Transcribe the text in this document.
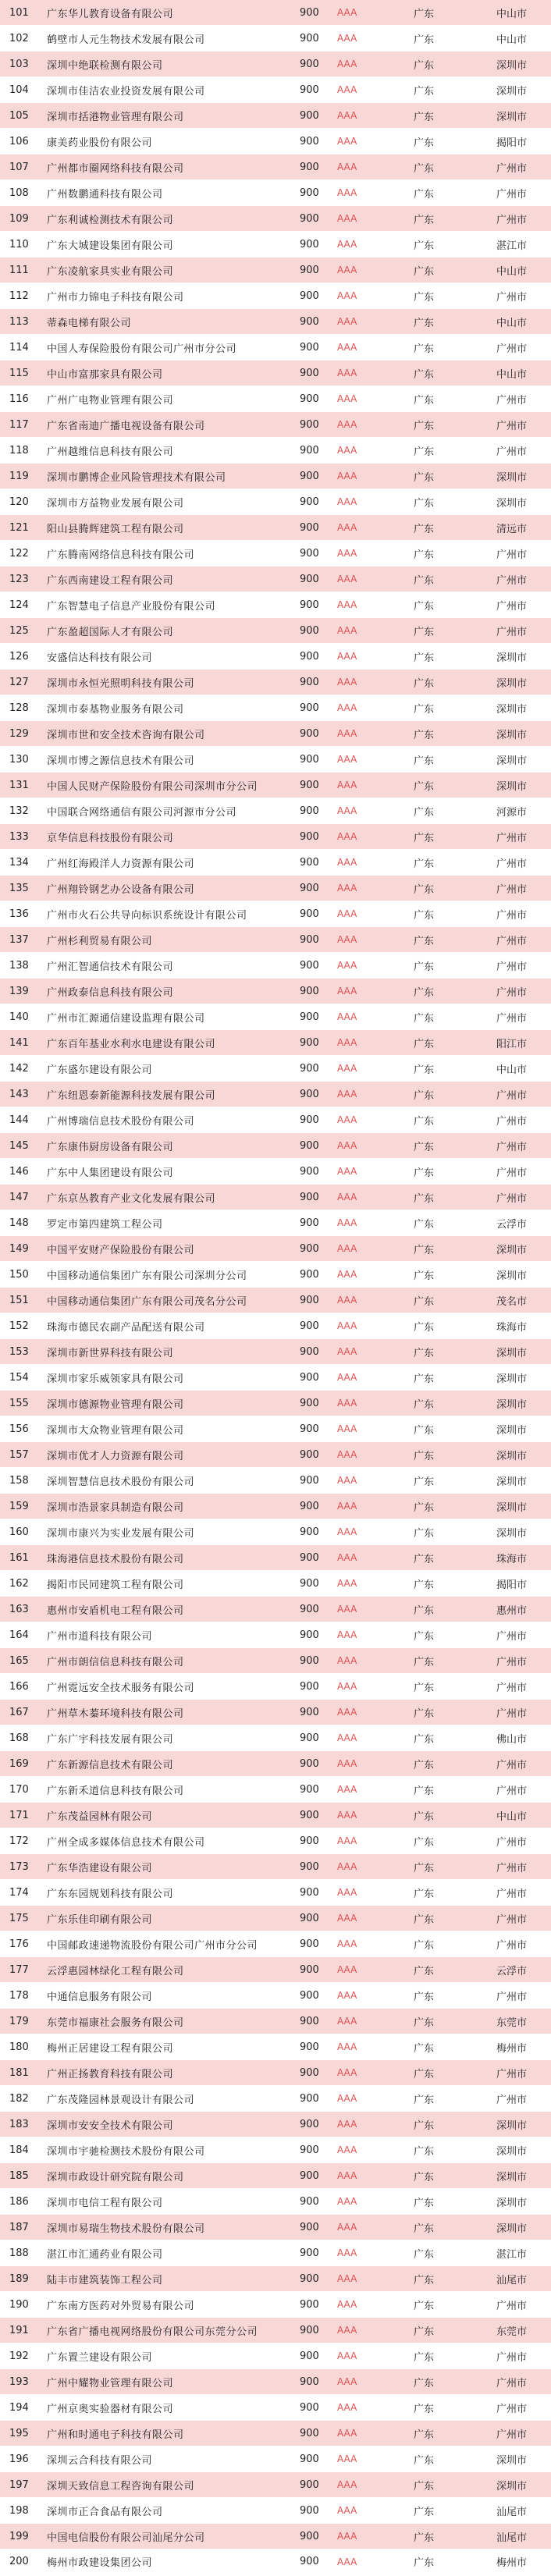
101	广东华儿教育设备有限公司	900	AAA	广东	中山市
102	鹤壁市人元生物技术发展有限公司	900	AAA	广东	中山市
103	深圳中绝联检测有限公司	900	AAA	广东	深圳市
104	深圳市佳洁农业投资发展有限公司	900	AAA	广东	深圳市
105	深圳市括港物业管理有限公司	900	AAA	广东	深圳市
106	康美药业股份有限公司	900	AAA	广东	揭阳市
107	广州都市圈网络科技有限公司	900	AAA	广东	广州市
108	广州数鹏通科技有限公司	900	AAA	广东	广州市
109	广东利诚检测技术有限公司	900	AAA	广东	广州市
110	广东大城建设集团有限公司	900	AAA	广东	湛江市
111	广东凌航家具实业有限公司	900	AAA	广东	中山市
112	广州市力锦电子科技有限公司	900	AAA	广东	广州市
113	蒂森电梯有限公司	900	AAA	广东	中山市
114	中国人寿保险股份有限公司广州市分公司	900	AAA	广东	广州市
115	中山市富那家具有限公司	900	AAA	广东	中山市
116	广州广电物业管理有限公司	900	AAA	广东	广州市
117	广东省南迪广播电视设备有限公司	900	AAA	广东	广州市
118	广州越维信息科技有限公司	900	AAA	广东	广州市
119	深圳市鹏博企业风险管理技术有限公司	900	AAA	广东	深圳市
120	深圳市方益物业发展有限公司	900	AAA	广东	深圳市
121	阳山县腾辉建筑工程有限公司	900	AAA	广东	清远市
122	广东腾南网络信息科技有限公司	900	AAA	广东	广州市
123	广东西南建设工程有限公司	900	AAA	广东	广州市
124	广东智慧电子信息产业股份有限公司	900	AAA	广东	广州市
125	广东盈超国际人才有限公司	900	AAA	广东	广州市
126	安盛信达科技有限公司	900	AAA	广东	深圳市
127	深圳市永恒光照明科技有限公司	900	AAA	广东	深圳市
128	深圳市泰基物业服务有限公司	900	AAA	广东	深圳市
129	深圳市世和安全技术咨询有限公司	900	AAA	广东	深圳市
130	深圳市博之源信息技术有限公司	900	AAA	广东	深圳市
131	中国人民财产保险股份有限公司深圳市分公司	900	AAA	广东	深圳市
132	中国联合网络通信有限公司河源市分公司	900	AAA	广东	河源市
133	京华信息科技股份有限公司	900	AAA	广东	广州市
134	广州红海殿洋人力资源有限公司	900	AAA	广东	广州市
135	广州翔铃钢艺办公设备有限公司	900	AAA	广东	广州市
136	广州市火石公共导向标识系统设计有限公司	900	AAA	广东	广州市
137	广州杉利贸易有限公司	900	AAA	广东	广州市
138	广州汇智通信技术有限公司	900	AAA	广东	广州市
139	广州政泰信息科技有限公司	900	AAA	广东	广州市
140	广州市汇源通信建设监理有限公司	900	AAA	广东	广州市
141	广东百年基业水利水电建设有限公司	900	AAA	广东	阳江市
142	广东盛尔建设有限公司	900	AAA	广东	中山市
143	广东纽恩泰新能源科技发展有限公司	900	AAA	广东	广州市
144	广州博瑞信息技术股份有限公司	900	AAA	广东	广州市
145	广东康伟厨房设备有限公司	900	AAA	广东	广州市
146	广东中人集团建设有限公司	900	AAA	广东	广州市
147	广东京丛教育产业文化发展有限公司	900	AAA	广东	广州市
148	罗定市第四建筑工程公司	900	AAA	广东	云浮市
149	中国平安财产保险股份有限公司	900	AAA	广东	深圳市
150	中国移动通信集团广东有限公司深圳分公司	900	AAA	广东	深圳市
151	中国移动通信集团广东有限公司茂名分公司	900	AAA	广东	茂名市
152	珠海市德民农副产品配送有限公司	900	AAA	广东	珠海市
153	深圳市新世界科技有限公司	900	AAA	广东	深圳市
154	深圳市家乐威领家具有限公司	900	AAA	广东	深圳市
155	深圳市德源物业管理有限公司	900	AAA	广东	深圳市
156	深圳市大众物业管理有限公司	900	AAA	广东	深圳市
157	深圳市优才人力资源有限公司	900	AAA	广东	深圳市
158	深圳智慧信息技术股份有限公司	900	AAA	广东	深圳市
159	深圳市浩景家具制造有限公司	900	AAA	广东	深圳市
160	深圳市康兴为实业发展有限公司	900	AAA	广东	深圳市
161	珠海港信息技术股份有限公司	900	AAA	广东	珠海市
162	揭阳市民同建筑工程有限公司	900	AAA	广东	揭阳市
163	惠州市安盾机电工程有限公司	900	AAA	广东	惠州市
164	广州市道科技有限公司	900	AAA	广东	广州市
165	广州市朗信信息科技有限公司	900	AAA	广东	广州市
166	广州霓远安全技术服务有限公司	900	AAA	广东	广州市
167	广州草木蓁环境科技有限公司	900	AAA	广东	广州市
168	广东广宇科技发展有限公司	900	AAA	广东	佛山市
169	广东新源信息技术有限公司	900	AAA	广东	广州市
170	广东新禾道信息科技有限公司	900	AAA	广东	广州市
171	广东茂益园林有限公司	900	AAA	广东	中山市
172	广州全成多媒体信息技术有限公司	900	AAA	广东	广州市
173	广东华浩建设有限公司	900	AAA	广东	广州市
174	广东东园规划科技有限公司	900	AAA	广东	广州市
175	广东乐佳印刷有限公司	900	AAA	广东	广州市
176	中国邮政速递物流股份有限公司广州市分公司	900	AAA	广东	广州市
177	云浮惠园林绿化工程有限公司	900	AAA	广东	云浮市
178	中通信息服务有限公司	900	AAA	广东	广州市
179	东莞市福康社会服务有限公司	900	AAA	广东	东莞市
180	梅州正居建设工程有限公司	900	AAA	广东	梅州市
181	广州正扬教育科技有限公司	900	AAA	广东	广州市
182	广东茂隆园林景观设计有限公司	900	AAA	广东	广州市
183	深圳市安安全技术有限公司	900	AAA	广东	深圳市
184	深圳市宇驰检测技术股份有限公司	900	AAA	广东	深圳市
185	深圳市政设计研究院有限公司	900	AAA	广东	深圳市
186	深圳市电信工程有限公司	900	AAA	广东	深圳市
187	深圳市易瑞生物技术股份有限公司	900	AAA	广东	深圳市
188	湛江市汇通药业有限公司	900	AAA	广东	湛江市
189	陆丰市建筑装饰工程公司	900	AAA	广东	汕尾市
190	广东南方医药对外贸易有限公司	900	AAA	广东	广州市
191	广东省广播电视网络股份有限公司东莞分公司	900	AAA	广东	东莞市
192	广东置兰建设有限公司	900	AAA	广东	广州市
193	广州中耀物业管理有限公司	900	AAA	广东	广州市
194	广州京奥实验器材有限公司	900	AAA	广东	广州市
195	广州和时通电子科技有限公司	900	AAA	广东	广州市
196	深圳云合科技有限公司	900	AAA	广东	深圳市
197	深圳天致信息工程咨询有限公司	900	AAA	广东	深圳市
198	深圳市正合食品有限公司	900	AAA	广东	汕尾市
199	中国电信股份有限公司汕尾分公司	900	AAA	广东	汕尾市
200	梅州市政建设集团公司	900	AAA	广东	梅州市
